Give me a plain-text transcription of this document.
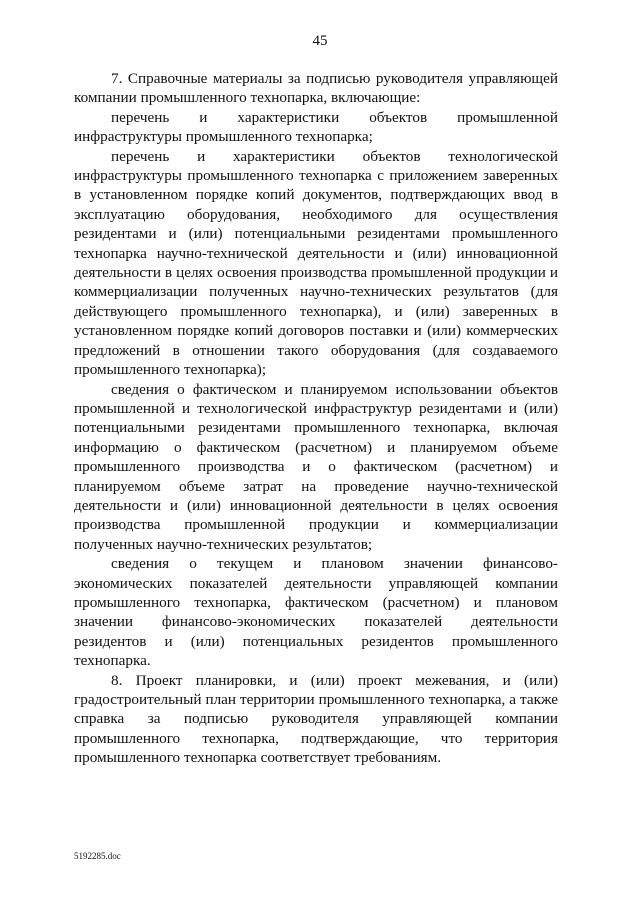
45

7. Справочные материалы за подписью руководителя управляющей компании промышленного технопарка, включающие:

перечень и характеристики объектов промышленной инфраструктуры промышленного технопарка;

перечень и характеристики объектов технологической инфраструктуры промышленного технопарка с приложением заверенных в установленном порядке копий документов, подтверждающих ввод в эксплуатацию оборудования, необходимого для осуществления резидентами и (или) потенциальными резидентами промышленного технопарка научно-технической деятельности и (или) инновационной деятельности в целях освоения производства промышленной продукции и коммерциализации полученных научно-технических результатов (для действующего промышленного технопарка), и (или) заверенных в установленном порядке копий договоров поставки и (или) коммерческих предложений в отношении такого оборудования (для создаваемого промышленного технопарка);

сведения о фактическом и планируемом использовании объектов промышленной и технологической инфраструктур резидентами и (или) потенциальными резидентами промышленного технопарка, включая информацию о фактическом (расчетном) и планируемом объеме промышленного производства и о фактическом (расчетном) и планируемом объеме затрат на проведение научно-технической деятельности и (или) инновационной деятельности в целях освоения производства промышленной продукции и коммерциализации полученных научно-технических результатов;

сведения о текущем и плановом значении финансово-экономических показателей деятельности управляющей компании промышленного технопарка, фактическом (расчетном) и плановом значении финансово-экономических показателей деятельности резидентов и (или) потенциальных резидентов промышленного технопарка.

8. Проект планировки, и (или) проект межевания, и (или) градостроительный план территории промышленного технопарка, а также справка за подписью руководителя управляющей компании промышленного технопарка, подтверждающие, что территория промышленного технопарка соответствует требованиям.

5192285.doc
